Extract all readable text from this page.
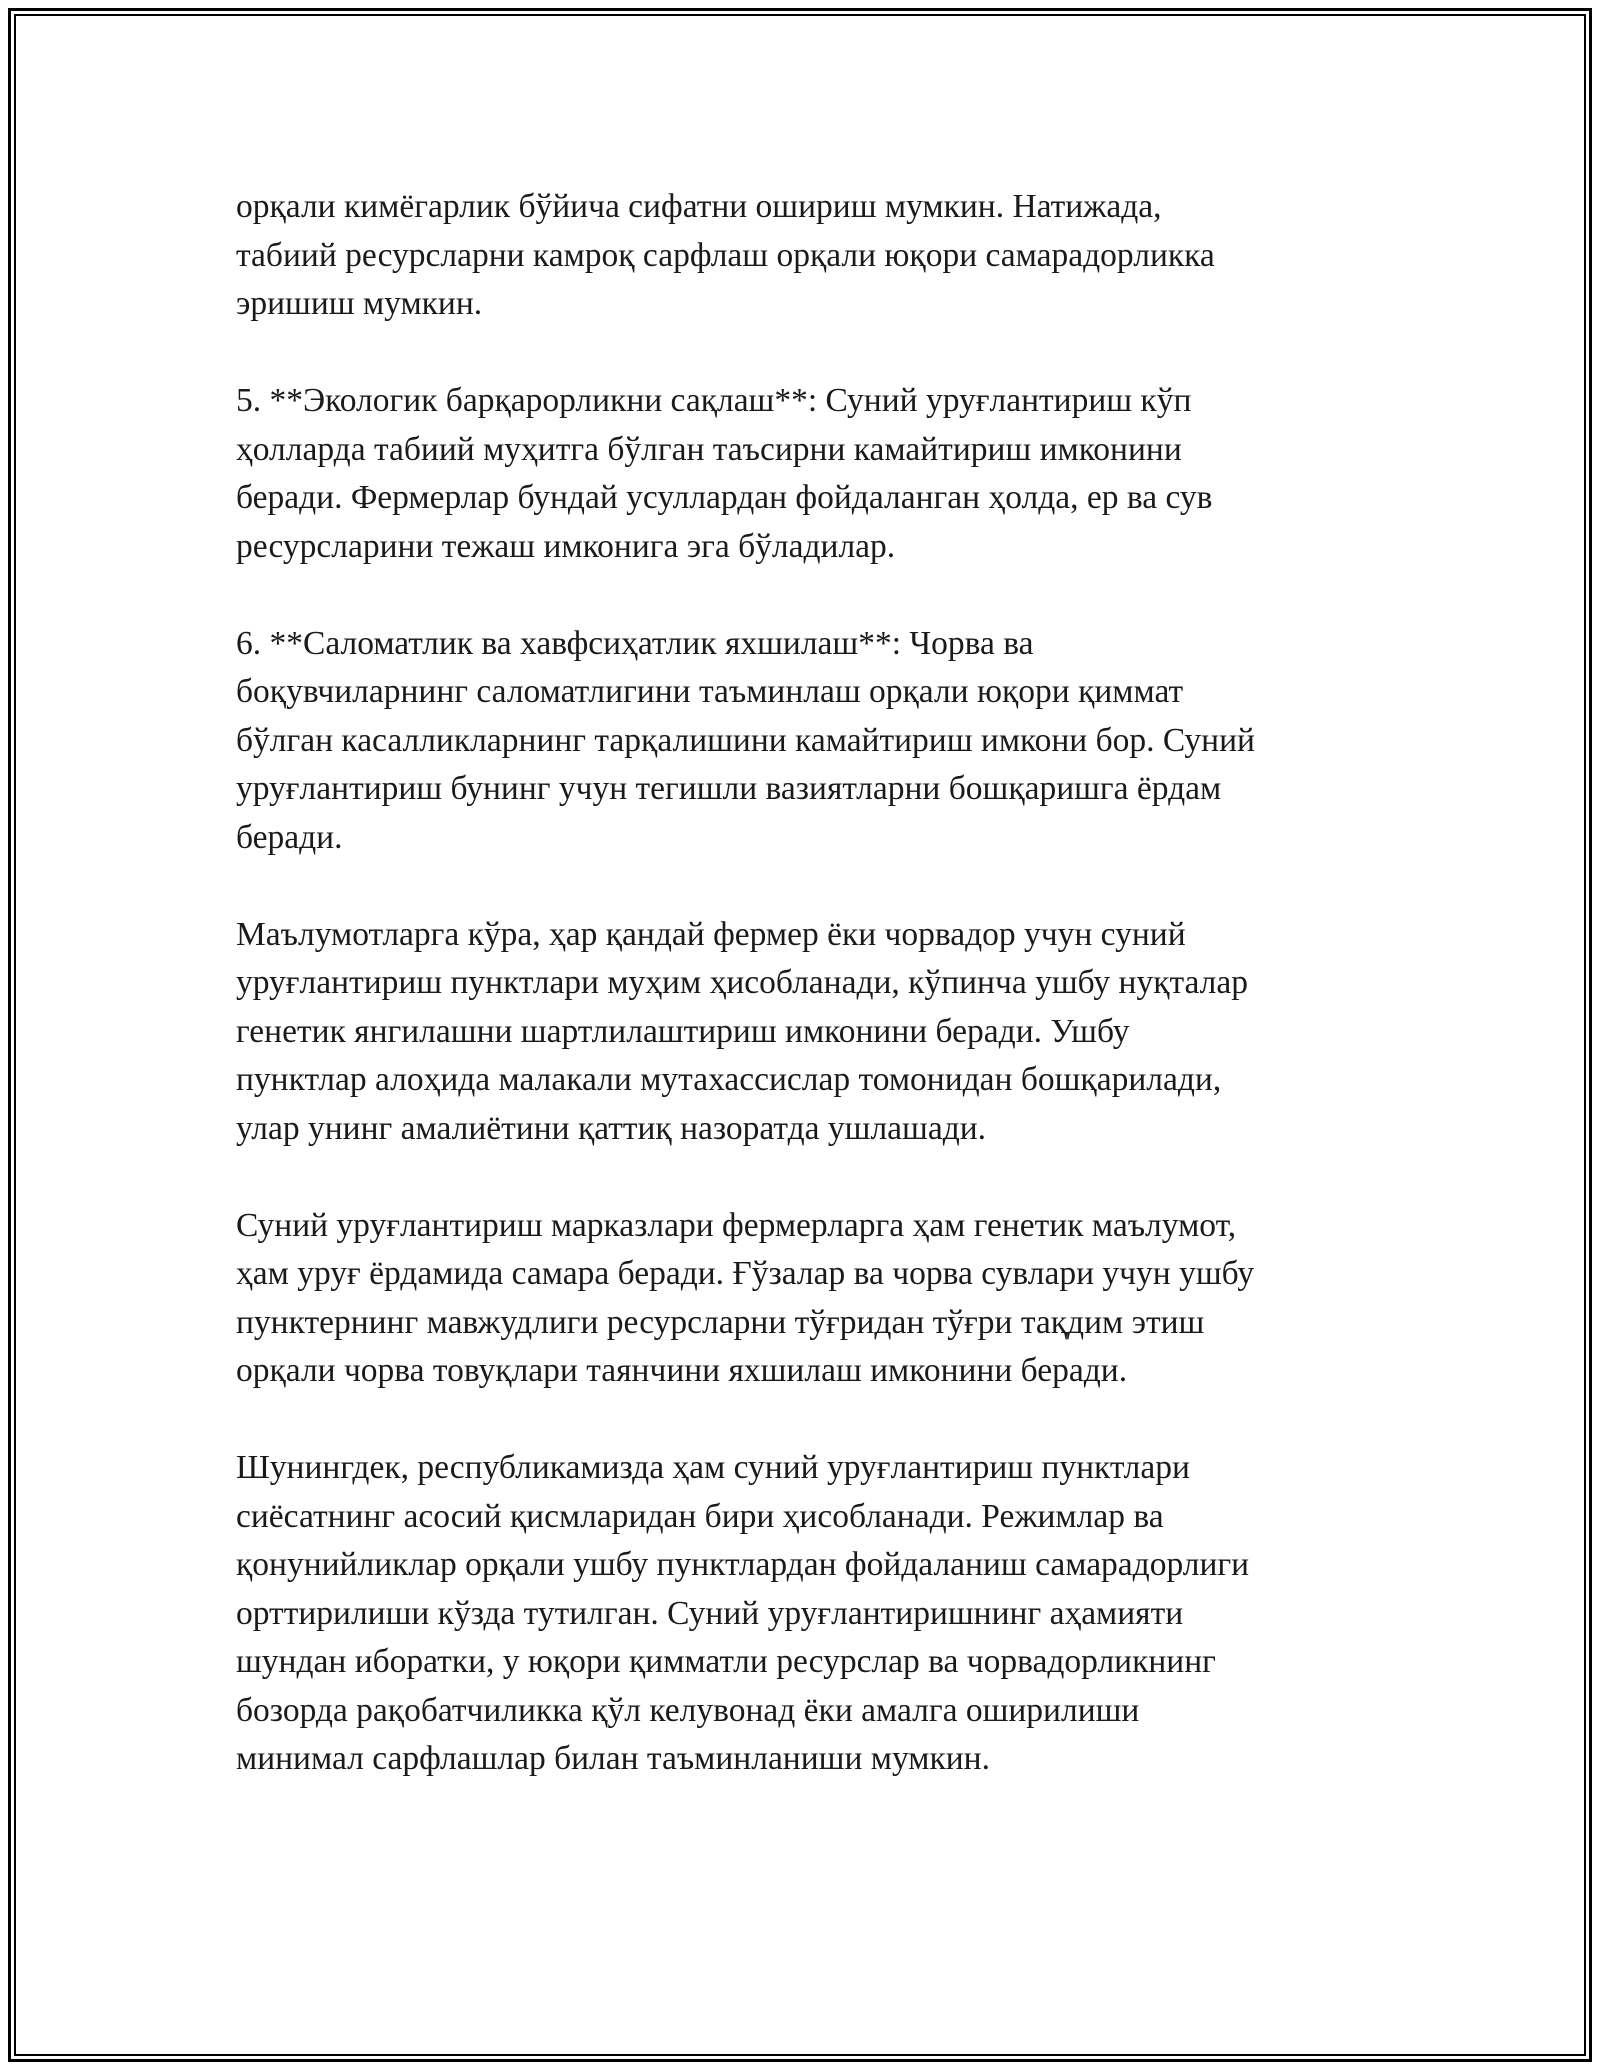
орқали кимёгарлик бўйича сифатни ошириш мумкин. Натижада,
табиий ресурсларни камроқ сарфлаш орқали юқори самарадорликка
эришиш мумкин.

5. **Экологик барқарорликни сақлаш**: Суний уруғлантириш кўп
ҳолларда табиий муҳитга бўлган таъсирни камайтириш имконини
беради. Фермерлар бундай усуллардан фойдаланган ҳолда, ер ва сув
ресурсларини тежаш имконига эга бўладилар.

6. **Саломатлик ва хавфсиҳатлик яхшилаш**: Чорва ва
боқувчиларнинг саломатлигини таъминлаш орқали юқори қиммат
бўлган касалликларнинг тарқалишини камайтириш имкони бор. Суний
уруғлантириш бунинг учун тегишли вазиятларни бошқаришга ёрдам
беради.

Маълумотларга кўра, ҳар қандай фермер ёки чорвадор учун суний
уруғлантириш пунктлари муҳим ҳисобланади, кўпинча ушбу нуқталар
генетик янгилашни шартлилаштириш имконини беради. Ушбу
пунктлар алоҳида малакали мутахассислар томонидан бошқарилади,
улар унинг амалиётини қаттиқ назоратда ушлашади.

Суний уруғлантириш марказлари фермерларга ҳам генетик маълумот,
ҳам уруғ ёрдамида самара беради. Ғўзалар ва чорва сувлари учун ушбу
пунктернинг мавжудлиги ресурсларни тўғридан тўғри тақдим этиш
орқали чорва товуқлари таянчини яхшилаш имконини беради.

Шунингдек, республикамизда ҳам суний уруғлантириш пунктлари
сиёсатнинг асосий қисмларидан бири ҳисобланади. Режимлар ва
қонунийликлар орқали ушбу пунктлардан фойдаланиш самарадорлиги
орттирилиши кўзда тутилган. Суний уруғлантиришнинг аҳамияти
шундан иборатки, у юқори қимматли ресурслар ва чорвадорликнинг
бозорда рақобатчиликка қўл келувонад ёки амалга оширилиши
минимал сарфлашлар билан таъминланиши мумкин.
